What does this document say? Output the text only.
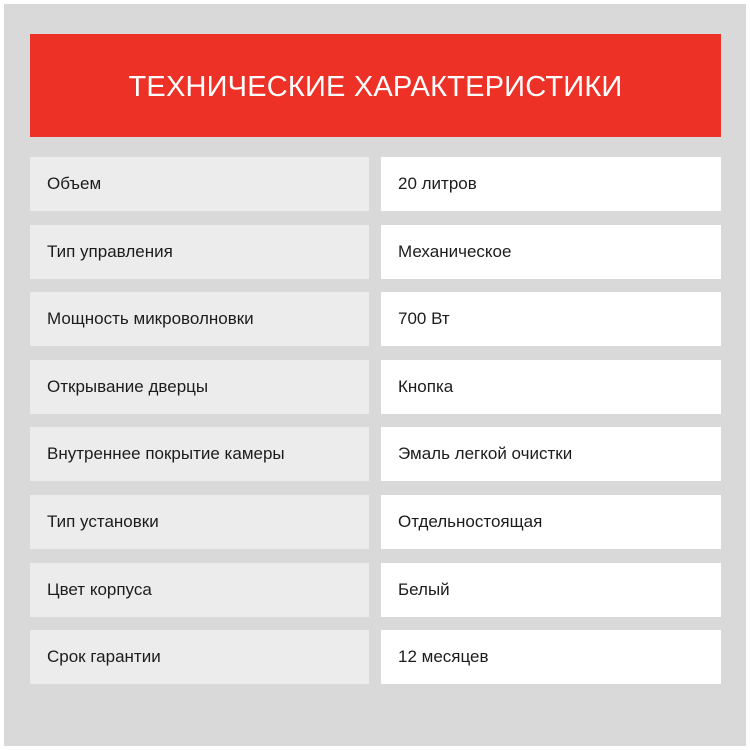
ТЕХНИЧЕСКИЕ ХАРАКТЕРИСТИКИ
Объем	20 литров
Тип управления	Механическое
Мощность микроволновки	700 Вт
Открывание дверцы	Кнопка
Внутреннее покрытие камеры	Эмаль легкой очистки
Тип установки	Отдельностоящая
Цвет корпуса	Белый
Срок гарантии	12 месяцев
